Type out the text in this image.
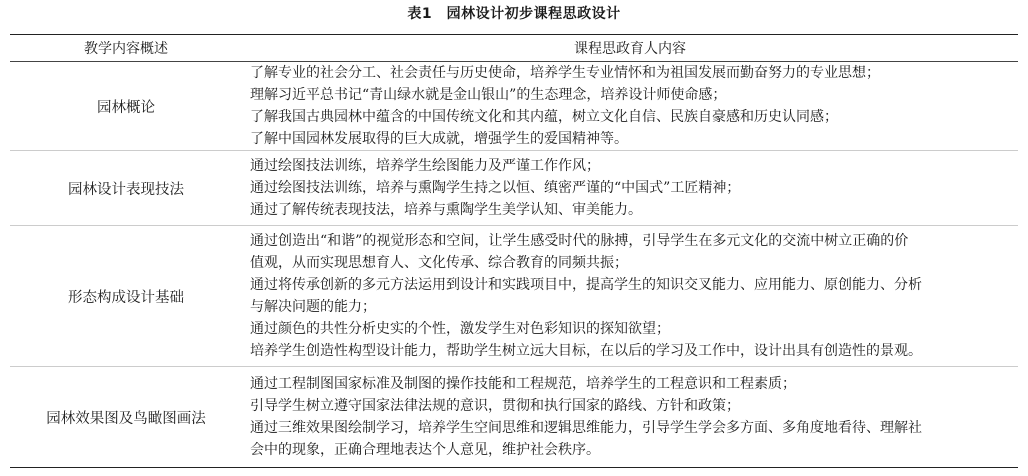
表1　园林设计初步课程思政设计
教学内容概述	课程思政育人内容
园林概论
了解专业的社会分工、社会责任与历史使命，培养学生专业情怀和为祖国发展而勤奋努力的专业思想；
理解习近平总书记“青山绿水就是金山银山”的生态理念，培养设计师使命感；
了解我国古典园林中蕴含的中国传统文化和其内蕴，树立文化自信、民族自豪感和历史认同感；
了解中国园林发展取得的巨大成就，增强学生的爱国精神等。
园林设计表现技法
通过绘图技法训练，培养学生绘图能力及严谨工作作风；
通过绘图技法训练，培养与熏陶学生持之以恒、缜密严谨的“中国式”工匠精神；
通过了解传统表现技法，培养与熏陶学生美学认知、审美能力。
形态构成设计基础
通过创造出“和谐”的视觉形态和空间，让学生感受时代的脉搏，引导学生在多元文化的交流中树立正确的价
值观，从而实现思想育人、文化传承、综合教育的同频共振；
通过将传承创新的多元方法运用到设计和实践项目中，提高学生的知识交叉能力、应用能力、原创能力、分析
与解决问题的能力；
通过颜色的共性分析史实的个性，激发学生对色彩知识的探知欲望；
培养学生创造性构型设计能力，帮助学生树立远大目标，在以后的学习及工作中，设计出具有创造性的景观。
园林效果图及鸟瞰图画法
通过工程制图国家标准及制图的操作技能和工程规范，培养学生的工程意识和工程素质；
引导学生树立遵守国家法律法规的意识，贯彻和执行国家的路线、方针和政策；
通过三维效果图绘制学习，培养学生空间思维和逻辑思维能力，引导学生学会多方面、多角度地看待、理解社
会中的现象，正确合理地表达个人意见，维护社会秩序。
